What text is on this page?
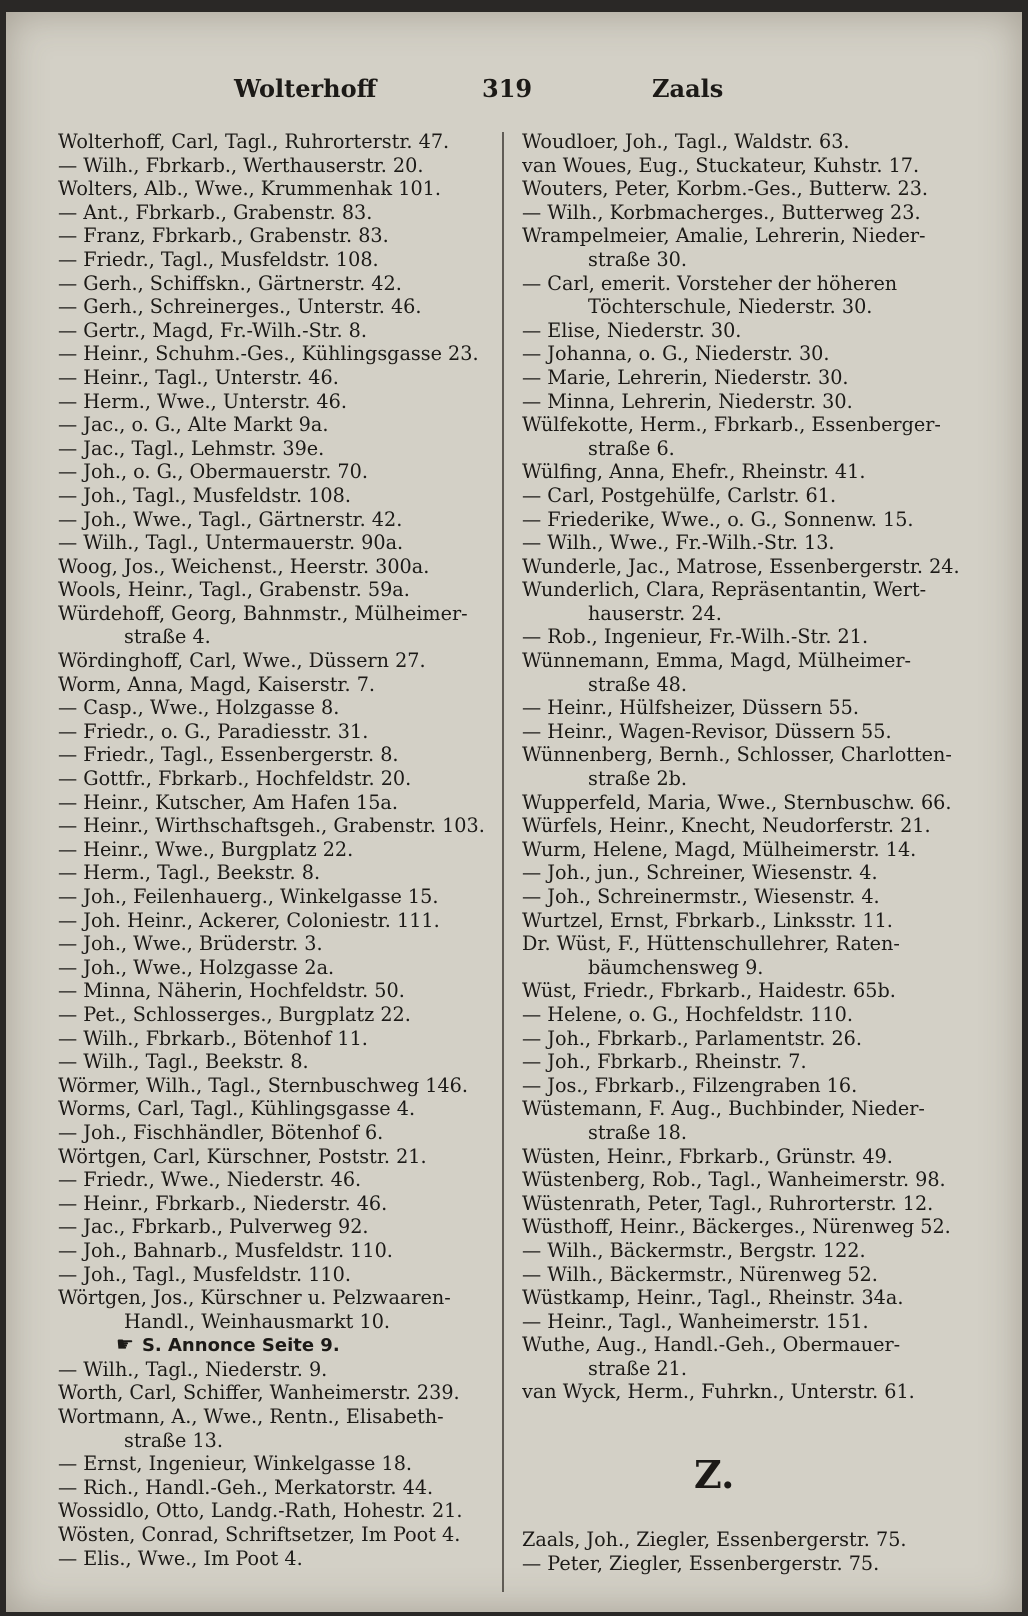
Wolterhoff	319	Zaals
Wolterhoff, Carl, Tagl., Ruhrorterstr. 47.
— Wilh., Fbrkarb., Werthauserstr. 20.
Wolters, Alb., Wwe., Krummenhak 101.
— Ant., Fbrkarb., Grabenstr. 83.
— Franz, Fbrkarb., Grabenstr. 83.
— Friedr., Tagl., Musfeldstr. 108.
— Gerh., Schiffskn., Gärtnerstr. 42.
— Gerh., Schreinerges., Unterstr. 46.
— Gertr., Magd, Fr.-Wilh.-Str. 8.
— Heinr., Schuhm.-Ges., Kühlingsgasse 23.
— Heinr., Tagl., Unterstr. 46.
— Herm., Wwe., Unterstr. 46.
— Jac., o. G., Alte Markt 9a.
— Jac., Tagl., Lehmstr. 39e.
— Joh., o. G., Obermauerstr. 70.
— Joh., Tagl., Musfeldstr. 108.
— Joh., Wwe., Tagl., Gärtnerstr. 42.
— Wilh., Tagl., Untermauerstr. 90a.
Woog, Jos., Weichenst., Heerstr. 300a.
Wools, Heinr., Tagl., Grabenstr. 59a.
Würdehoff, Georg, Bahnmstr., Mülheimer-
straße 4.
Wördinghoff, Carl, Wwe., Düssern 27.
Worm, Anna, Magd, Kaiserstr. 7.
— Casp., Wwe., Holzgasse 8.
— Friedr., o. G., Paradiesstr. 31.
— Friedr., Tagl., Essenbergerstr. 8.
— Gottfr., Fbrkarb., Hochfeldstr. 20.
— Heinr., Kutscher, Am Hafen 15a.
— Heinr., Wirthschaftsgeh., Grabenstr. 103.
— Heinr., Wwe., Burgplatz 22.
— Herm., Tagl., Beekstr. 8.
— Joh., Feilenhauerg., Winkelgasse 15.
— Joh. Heinr., Ackerer, Coloniestr. 111.
— Joh., Wwe., Brüderstr. 3.
— Joh., Wwe., Holzgasse 2a.
— Minna, Näherin, Hochfeldstr. 50.
— Pet., Schlosserges., Burgplatz 22.
— Wilh., Fbrkarb., Bötenhof 11.
— Wilh., Tagl., Beekstr. 8.
Wörmer, Wilh., Tagl., Sternbuschweg 146.
Worms, Carl, Tagl., Kühlingsgasse 4.
— Joh., Fischhändler, Bötenhof 6.
Wörtgen, Carl, Kürschner, Poststr. 21.
— Friedr., Wwe., Niederstr. 46.
— Heinr., Fbrkarb., Niederstr. 46.
— Jac., Fbrkarb., Pulverweg 92.
— Joh., Bahnarb., Musfeldstr. 110.
— Joh., Tagl., Musfeldstr. 110.
Wörtgen, Jos., Kürschner u. Pelzwaaren-
Handl., Weinhausmarkt 10.
☛ S. Annonce Seite 9.
— Wilh., Tagl., Niederstr. 9.
Worth, Carl, Schiffer, Wanheimerstr. 239.
Wortmann, A., Wwe., Rentn., Elisabeth-
straße 13.
— Ernst, Ingenieur, Winkelgasse 18.
— Rich., Handl.-Geh., Merkatorstr. 44.
Wossidlo, Otto, Landg.-Rath, Hohestr. 21.
Wösten, Conrad, Schriftsetzer, Im Poot 4.
— Elis., Wwe., Im Poot 4.
Woudloer, Joh., Tagl., Waldstr. 63.
van Woues, Eug., Stuckateur, Kuhstr. 17.
Wouters, Peter, Korbm.-Ges., Butterw. 23.
— Wilh., Korbmacherges., Butterweg 23.
Wrampelmeier, Amalie, Lehrerin, Nieder-
straße 30.
— Carl, emerit. Vorsteher der höheren
Töchterschule, Niederstr. 30.
— Elise, Niederstr. 30.
— Johanna, o. G., Niederstr. 30.
— Marie, Lehrerin, Niederstr. 30.
— Minna, Lehrerin, Niederstr. 30.
Wülfekotte, Herm., Fbrkarb., Essenberger-
straße 6.
Wülfing, Anna, Ehefr., Rheinstr. 41.
— Carl, Postgehülfe, Carlstr. 61.
— Friederike, Wwe., o. G., Sonnenw. 15.
— Wilh., Wwe., Fr.-Wilh.-Str. 13.
Wunderle, Jac., Matrose, Essenbergerstr. 24.
Wunderlich, Clara, Repräsentantin, Wert-
hauserstr. 24.
— Rob., Ingenieur, Fr.-Wilh.-Str. 21.
Wünnemann, Emma, Magd, Mülheimer-
straße 48.
— Heinr., Hülfsheizer, Düssern 55.
— Heinr., Wagen-Revisor, Düssern 55.
Wünnenberg, Bernh., Schlosser, Charlotten-
straße 2b.
Wupperfeld, Maria, Wwe., Sternbuschw. 66.
Würfels, Heinr., Knecht, Neudorferstr. 21.
Wurm, Helene, Magd, Mülheimerstr. 14.
— Joh., jun., Schreiner, Wiesenstr. 4.
— Joh., Schreinermstr., Wiesenstr. 4.
Wurtzel, Ernst, Fbrkarb., Linksstr. 11.
Dr. Wüst, F., Hüttenschullehrer, Raten-
bäumchensweg 9.
Wüst, Friedr., Fbrkarb., Haidestr. 65b.
— Helene, o. G., Hochfeldstr. 110.
— Joh., Fbrkarb., Parlamentstr. 26.
— Joh., Fbrkarb., Rheinstr. 7.
— Jos., Fbrkarb., Filzengraben 16.
Wüstemann, F. Aug., Buchbinder, Nieder-
straße 18.
Wüsten, Heinr., Fbrkarb., Grünstr. 49.
Wüstenberg, Rob., Tagl., Wanheimerstr. 98.
Wüstenrath, Peter, Tagl., Ruhrorterstr. 12.
Wüsthoff, Heinr., Bäckerges., Nürenweg 52.
— Wilh., Bäckermstr., Bergstr. 122.
— Wilh., Bäckermstr., Nürenweg 52.
Wüstkamp, Heinr., Tagl., Rheinstr. 34a.
— Heinr., Tagl., Wanheimerstr. 151.
Wuthe, Aug., Handl.-Geh., Obermauer-
straße 21.
van Wyck, Herm., Fuhrkn., Unterstr. 61.
Z.
Zaals, Joh., Ziegler, Essenbergerstr. 75.
— Peter, Ziegler, Essenbergerstr. 75.
